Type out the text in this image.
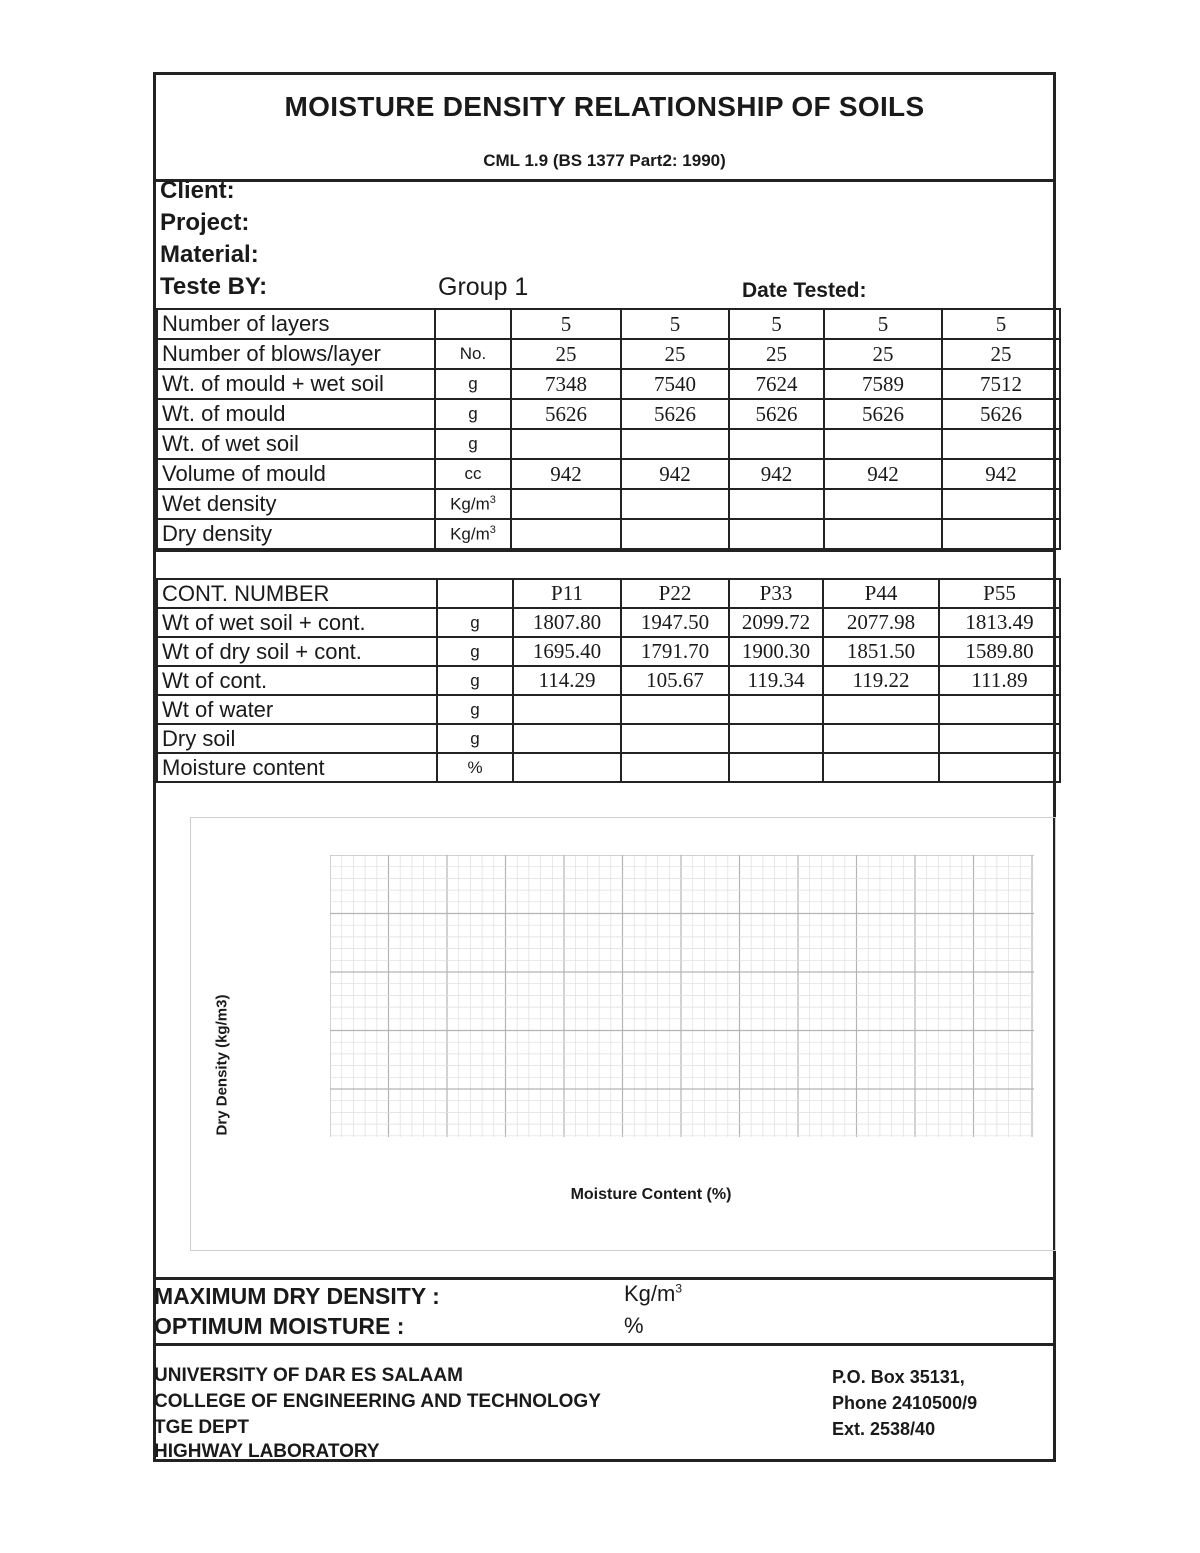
MOISTURE DENSITY RELATIONSHIP OF SOILS
CML 1.9 (BS 1377 Part2: 1990)
Client:
Project:
Material:
Teste BY:	Group 1	Date Tested:
Number of layers		5	5	5	5	5
Number of blows/layer	No.	25	25	25	25	25
Wt. of mould + wet soil	g	7348	7540	7624	7589	7512
Wt. of mould	g	5626	5626	5626	5626	5626
Wt. of wet soil	g					
Volume of mould	cc	942	942	942	942	942
Wet density	$Kg/m^3$					
Dry density	$Kg/m^3$					
CONT. NUMBER		P11	P22	P33	P44	P55
Wt of wet soil + cont.	g	1807.80	1947.50	2099.72	2077.98	1813.49
Wt of dry soil + cont.	g	1695.40	1791.70	1900.30	1851.50	1589.80
Wt of cont.	g	114.29	105.67	119.34	119.22	111.89
Wt of water	g					
Dry soil	g					
Moisture content	%					
Dry Density (kg/m3)
Moisture Content (%)
MAXIMUM DRY DENSITY :	$Kg/m^3$
OPTIMUM MOISTURE :	%
UNIVERSITY OF DAR ES SALAAM
COLLEGE OF ENGINEERING AND TECHNOLOGY
TGE DEPT
HIGHWAY LABORATORY
P.O. Box 35131,
Phone 2410500/9
Ext. 2538/40
